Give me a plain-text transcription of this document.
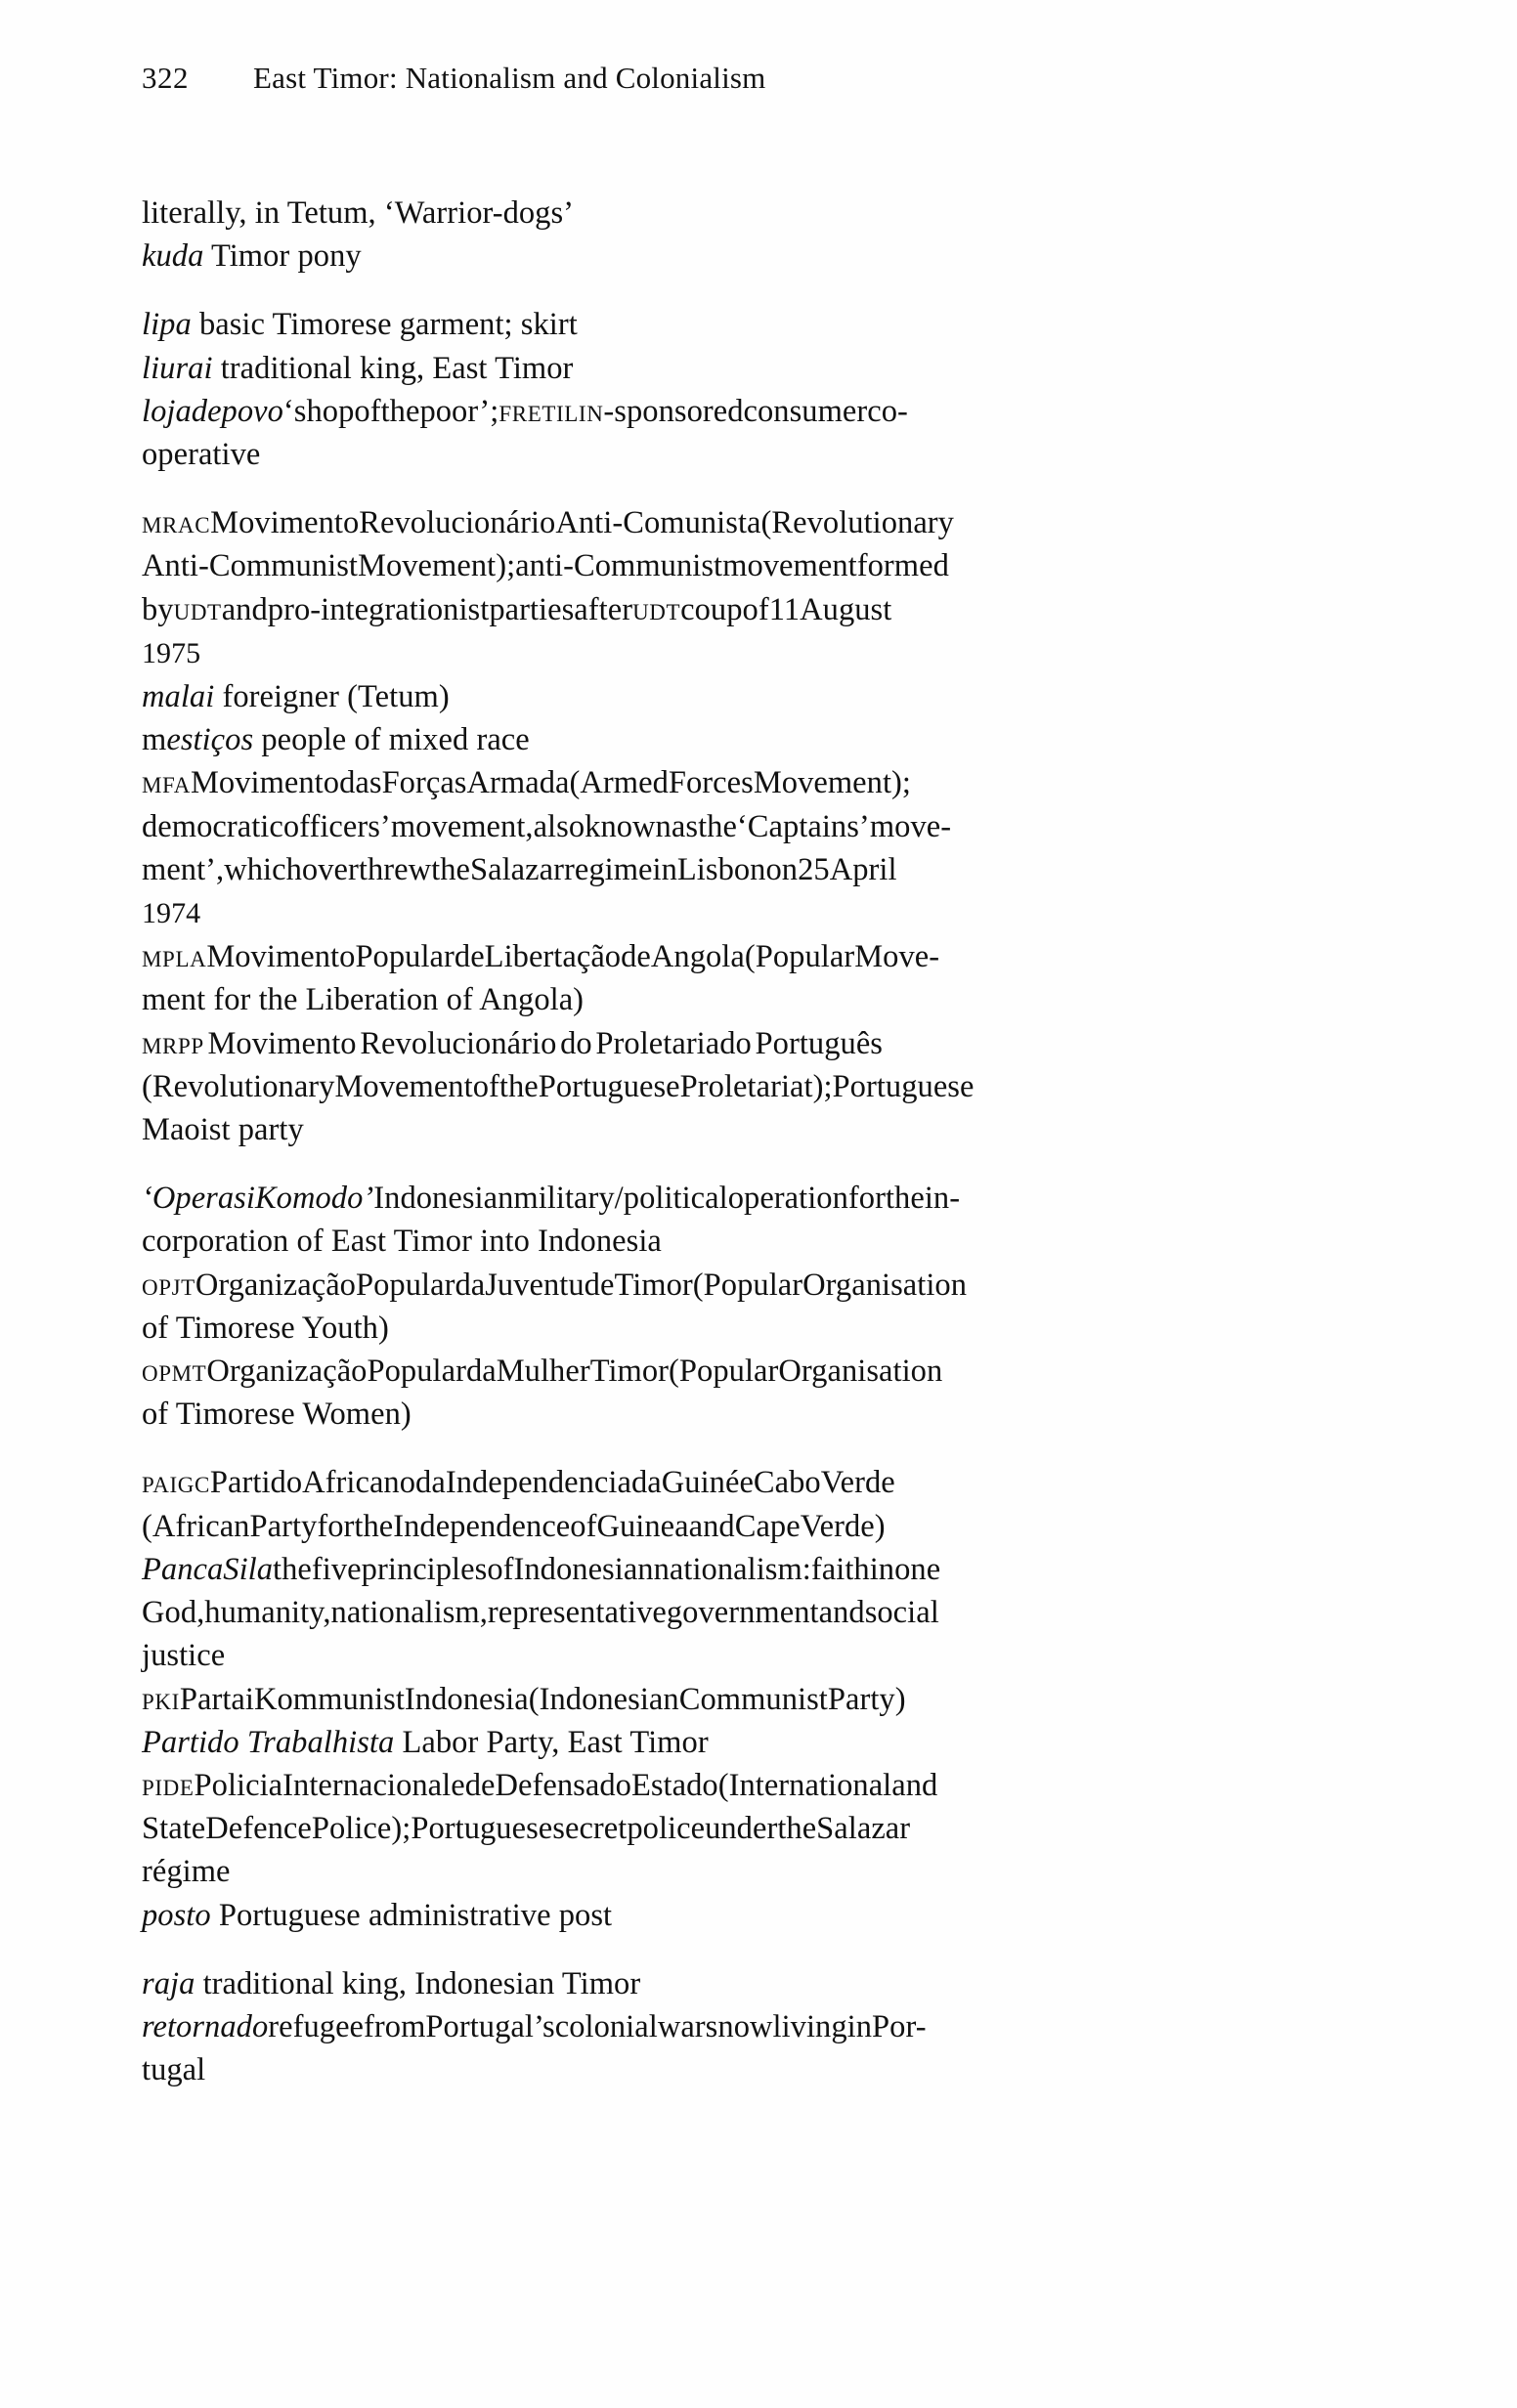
322 East Timor: Nationalism and Colonialism
literally, in Tetum, ‘Warrior-dogs’
kuda Timor pony
lipa basic Timorese garment; skirt
liurai traditional king, East Timor
loja de povo ‘shop of the poor’; fretilin-sponsored consumer co-
operative
mrac Movimento Revolucionário Anti-Comunista (Revolutionary
Anti-Communist Movement); anti-Communist movement formed
by udt and pro-integrationist parties after udt coup of 11 August
1975
malai foreigner (Tetum)
mestiços people of mixed race
mfa Movimento das Forças Armada (Armed Forces Movement);
democratic officers’ movement, also known as the ‘Captains’ move-
ment’, which overthrew the Salazar regime in Lisbon on 25 April
1974
mpla Movimento Popular de Libertação de Angola (Popular Move-
ment for the Liberation of Angola)
mrpp Movimento Revolucionário do Proletariado Português
(Revolutionary Movement of the Portuguese Proletariat); Portuguese
Maoist party
‘Operasi Komodo’ Indonesian military/political operation for the in-
corporation of East Timor into Indonesia
opjt Organização Popular da Juventude Timor (Popular Organisation
of Timorese Youth)
opmt Organização Popular da Mulher Timor (Popular Organisation
of Timorese Women)
paigc Partido Africano da Independencia da Guiné e Cabo Verde
(African Party for the Independence of Guinea and Cape Verde)
Panca Sila the five principles of Indonesian nationalism: faith in one
God, humanity, nationalism, representative government and social
justice
pki Partai Kommunist Indonesia (Indonesian Communist Party)
Partido Trabalhista Labor Party, East Timor
pide Policia Internacional e de Defensa do Estado (International and
State Defence Police); Portuguese secret police under the Salazar
régime
posto Portuguese administrative post
raja traditional king, Indonesian Timor
retornado refugee from Portugal’s colonial wars now living in Por-
tugal
